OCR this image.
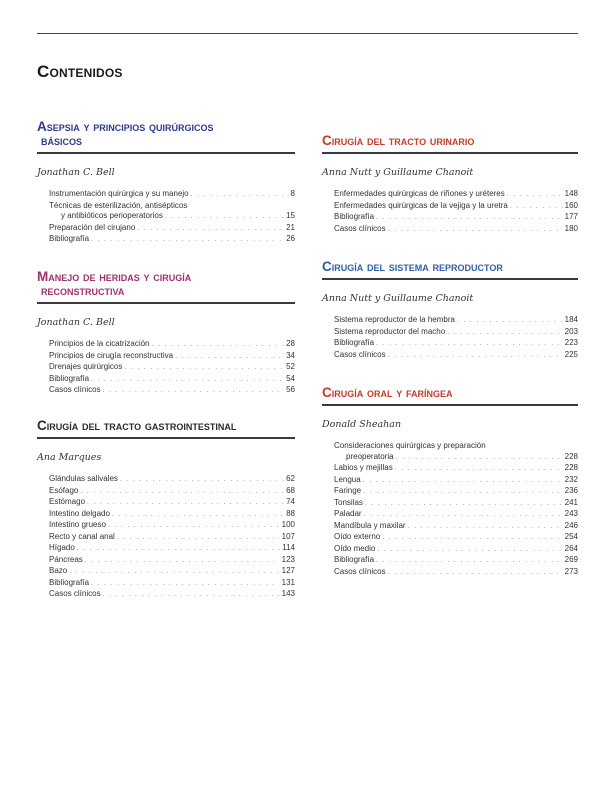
Contenidos
Asepsia y principios quirúrgicos
básicos
Jonathan C. Bell
Instrumentación quirúrgica y su manejo . . .	8
Técnicas de esterilización, antisépticos
y antibióticos perioperatorios . . .	15
Preparación del cirujano . . .	21
Bibliografía . . .	26
Manejo de heridas y cirugía
reconstructiva
Jonathan C. Bell
Principios de la cicatrización . . .	28
Principios de cirugía reconstructiva . . .	34
Drenajes quirúrgicos . . .	52
Bibliografía . . .	54
Casos clínicos . . .	56
Cirugía del tracto gastrointestinal
Ana Marques
Glándulas salivales . . .	62
Esófago . . .	68
Estómago . . .	74
Intestino delgado . . .	88
Intestino grueso . . .	100
Recto y canal anal . . .	107
Hígado . . .	114
Páncreas . . .	123
Bazo . . .	127
Bibliografía . . .	131
Casos clínicos . . .	143
Cirugía del tracto urinario
Anna Nutt y Guillaume Chanoit
Enfermedades quirúrgicas de riñones y uréteres . . .	148
Enfermedades quirúrgicas de la vejiga y la uretra . . .	160
Bibliografía . . .	177
Casos clínicos . . .	180
Cirugía del sistema reproductor
Anna Nutt y Guillaume Chanoit
Sistema reproductor de la hembra . . .	184
Sistema reproductor del macho . . .	203
Bibliografía . . .	223
Casos clínicos . . .	225
Cirugía oral y faríngea
Donald Sheahan
Consideraciones quirúrgicas y preparación
preoperatoria . . .	228
Labios y mejillas . . .	228
Lengua . . .	232
Faringe . . .	236
Tonsilas . . .	241
Paladar . . .	243
Mandíbula y maxilar . . .	246
Oído externo . . .	254
Oído medio . . .	264
Bibliografía . . .	269
Casos clínicos . . .	273
